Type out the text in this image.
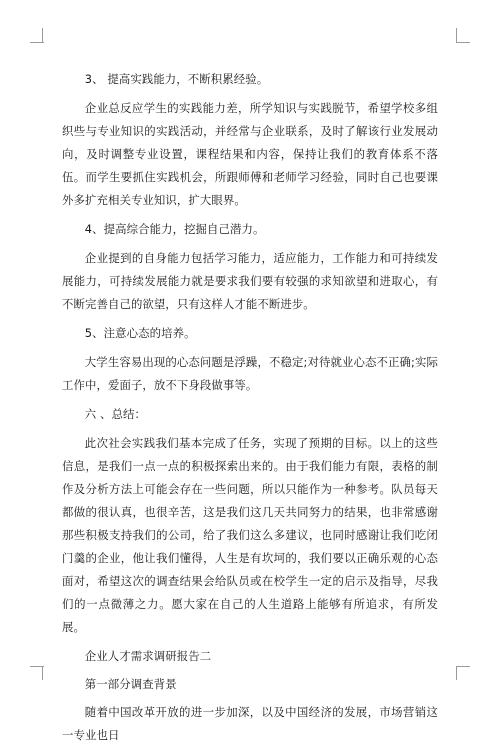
3、 提高实践能力，不断积累经验。

企业总反应学生的实践能力差，所学知识与实践脱节，希望学校多组织些与专业知识的实践活动，并经常与企业联系，及时了解该行业发展动向，及时调整专业设置，课程结果和内容，保持让我们的教育体系不落伍。而学生要抓住实践机会，所跟师傅和老师学习经验，同时自己也要课外多扩充相关专业知识，扩大眼界。

4、提高综合能力，挖掘自己潜力。

企业提到的自身能力包括学习能力，适应能力，工作能力和可持续发展能力，可持续发展能力就是要求我们要有较强的求知欲望和进取心，有不断完善自己的欲望，只有这样人才能不断进步。

5、注意心态的培养。

大学生容易出现的心态问题是浮躁，不稳定;对待就业心态不正确;实际工作中，爱面子，放不下身段做事等。

六 、总结：

此次社会实践我们基本完成了任务，实现了预期的目标。以上的这些信息，是我们一点一点的积极探索出来的。由于我们能力有限，表格的制作及分析方法上可能会存在一些问题，所以只能作为一种参考。队员每天都做的很认真，也很辛苦，这是我们这几天共同努力的结果，也非常感谢那些积极支持我们的公司，给了我们这么多建议，也同时感谢让我们吃闭门羹的企业，他让我们懂得，人生是有坎坷的，我们要以正确乐观的心态面对，希望这次的调查结果会给队员或在校学生一定的启示及指导，尽我们的一点微薄之力。愿大家在自己的人生道路上能够有所追求，有所发展。

企业人才需求调研报告二

第一部分调查背景

随着中国改革开放的进一步加深，以及中国经济的发展，市场营销这一专业也日
